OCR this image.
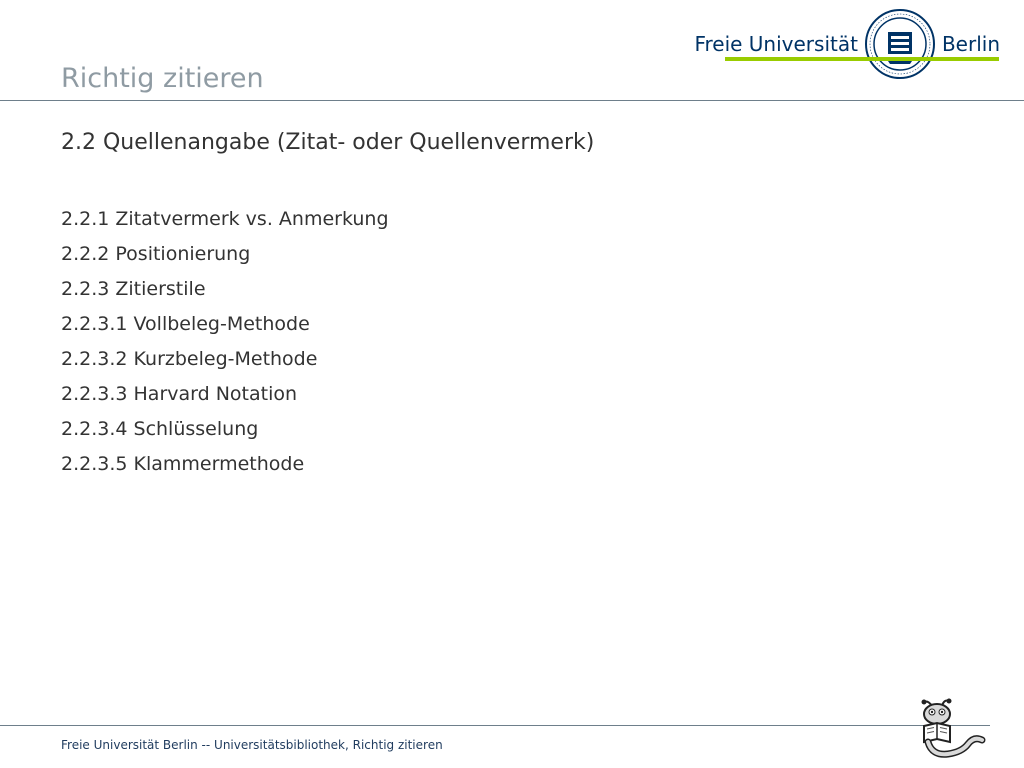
Freie Universität	Berlin
Richtig zitieren
2.2 Quellenangabe (Zitat- oder Quellenvermerk)
2.2.1 Zitatvermerk vs. Anmerkung
2.2.2 Positionierung
2.2.3 Zitierstile
2.2.3.1 Vollbeleg-Methode
2.2.3.2 Kurzbeleg-Methode
2.2.3.3 Harvard Notation
2.2.3.4 Schlüsselung
2.2.3.5 Klammermethode
Freie Universität Berlin -- Universitätsbibliothek, Richtig zitieren
